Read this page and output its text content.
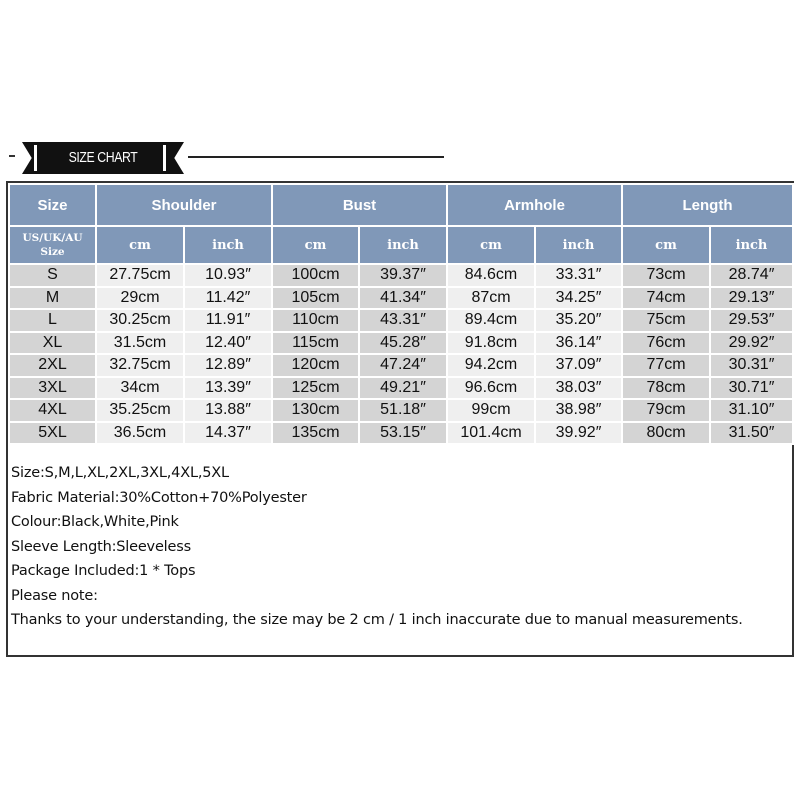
SIZE CHART
Size	Shoulder		Bust		Armhole		Length	

US/UK/AU
Size	cm	inch	cm	inch	cm	inch	cm	inch
S	27.75cm	10.93″	100cm	39.37″	84.6cm	33.31″	73cm	28.74″
M	29cm	11.42″	105cm	41.34″	87cm	34.25″	74cm	29.13″
L	30.25cm	11.91″	110cm	43.31″	89.4cm	35.20″	75cm	29.53″
XL	31.5cm	12.40″	115cm	45.28″	91.8cm	36.14″	76cm	29.92″
2XL	32.75cm	12.89″	120cm	47.24″	94.2cm	37.09″	77cm	30.31″
3XL	34cm	13.39″	125cm	49.21″	96.6cm	38.03″	78cm	30.71″
4XL	35.25cm	13.88″	130cm	51.18″	99cm	38.98″	79cm	31.10″
5XL	36.5cm	14.37″	135cm	53.15″	101.4cm	39.92″	80cm	31.50″
Size:S,M,L,XL,2XL,3XL,4XL,5XL
Fabric Material:30%Cotton+70%Polyester
Colour:Black,White,Pink
Sleeve Length:Sleeveless
Package Included:1 * Tops
Please note:
Thanks to your understanding, the size may be 2 cm / 1 inch inaccurate due to manual measurements.
